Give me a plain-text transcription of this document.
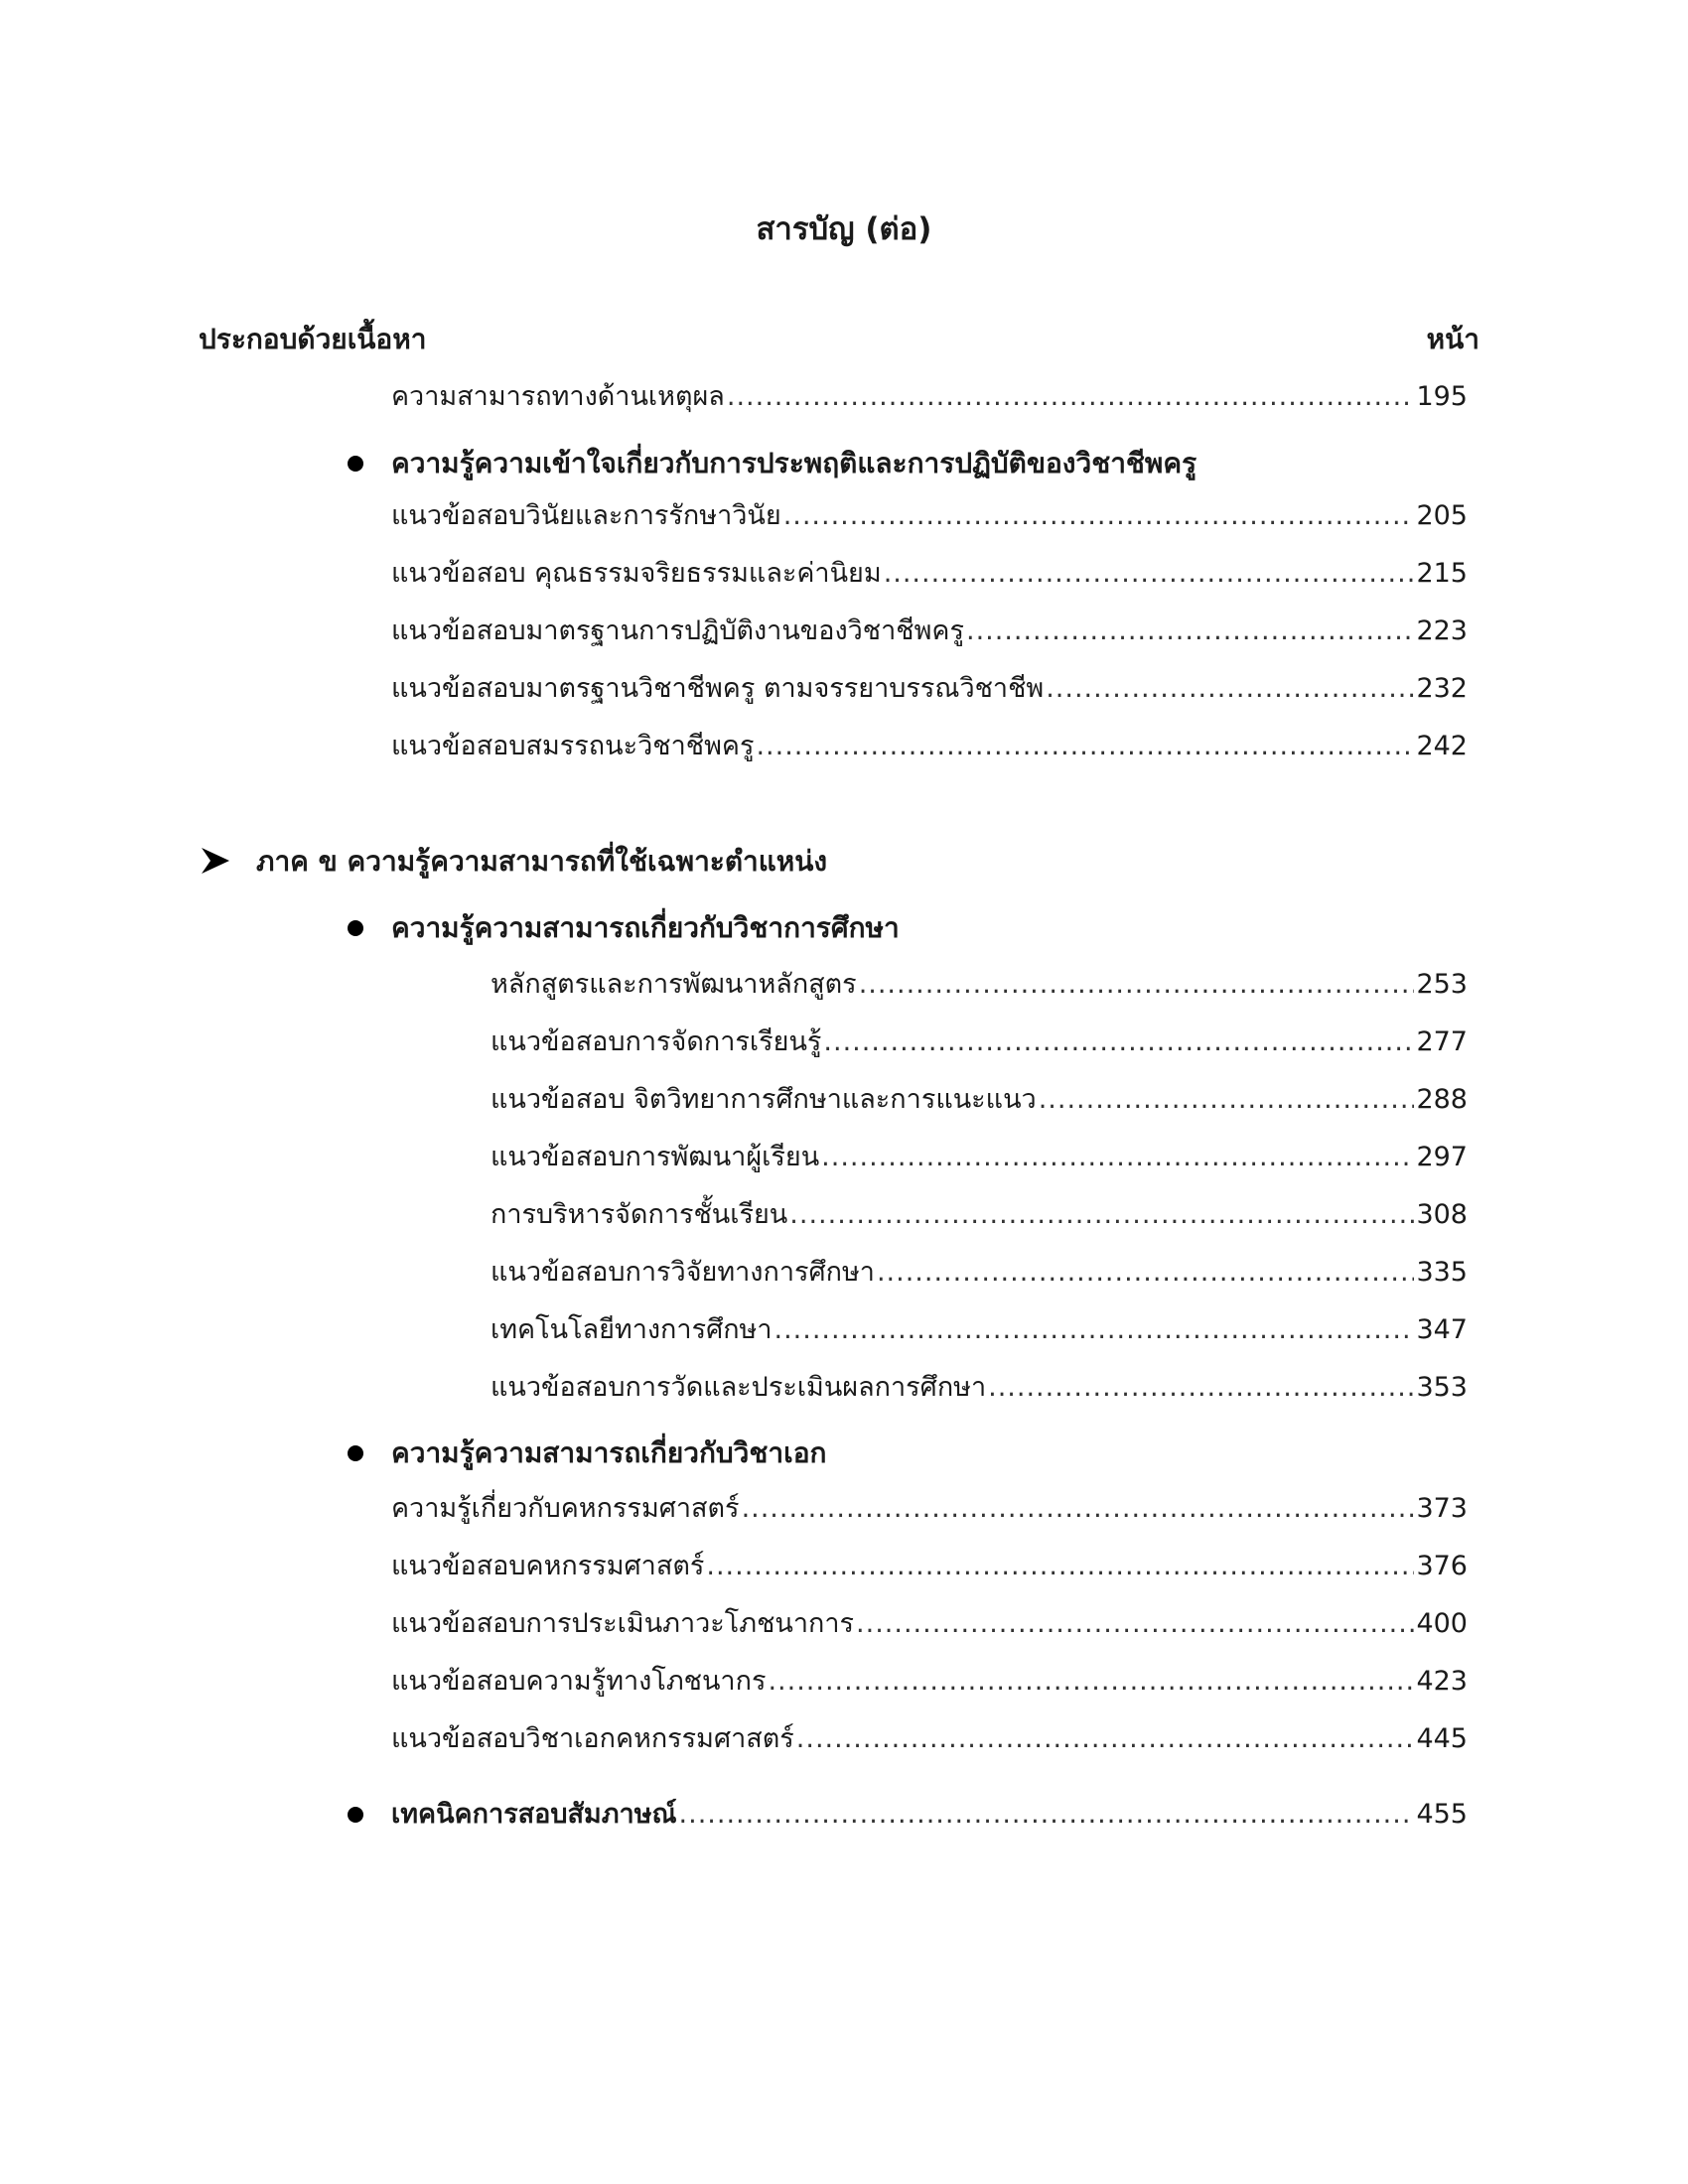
สารบัญ (ต่อ)
ประกอบด้วยเนื้อหา	หน้า
ความสามารถทางด้านเหตุผล .....	195
ความรู้ความเข้าใจเกี่ยวกับการประพฤติและการปฏิบัติของวิชาชีพครู
แนวข้อสอบวินัยและการรักษาวินัย .....	205
แนวข้อสอบ คุณธรรมจริยธรรมและค่านิยม .....	215
แนวข้อสอบมาตรฐานการปฏิบัติงานของวิชาชีพครู .....	223
แนวข้อสอบมาตรฐานวิชาชีพครู ตามจรรยาบรรณวิชาชีพ .....	232
แนวข้อสอบสมรรถนะวิชาชีพครู .....	242
ภาค ข ความรู้ความสามารถที่ใช้เฉพาะตำแหน่ง
ความรู้ความสามารถเกี่ยวกับวิชาการศึกษา
หลักสูตรและการพัฒนาหลักสูตร .....	253
แนวข้อสอบการจัดการเรียนรู้ .....	277
แนวข้อสอบ จิตวิทยาการศึกษาและการแนะแนว .....	288
แนวข้อสอบการพัฒนาผู้เรียน .....	297
การบริหารจัดการชั้นเรียน .....	308
แนวข้อสอบการวิจัยทางการศึกษา .....	335
เทคโนโลยีทางการศึกษา .....	347
แนวข้อสอบการวัดและประเมินผลการศึกษา .....	353
ความรู้ความสามารถเกี่ยวกับวิชาเอก
ความรู้เกี่ยวกับคหกรรมศาสตร์ .....	373
แนวข้อสอบคหกรรมศาสตร์ .....	376
แนวข้อสอบการประเมินภาวะโภชนาการ .....	400
แนวข้อสอบความรู้ทางโภชนากร .....	423
แนวข้อสอบวิชาเอกคหกรรมศาสตร์ .....	445
เทคนิคการสอบสัมภาษณ์ .....	455
